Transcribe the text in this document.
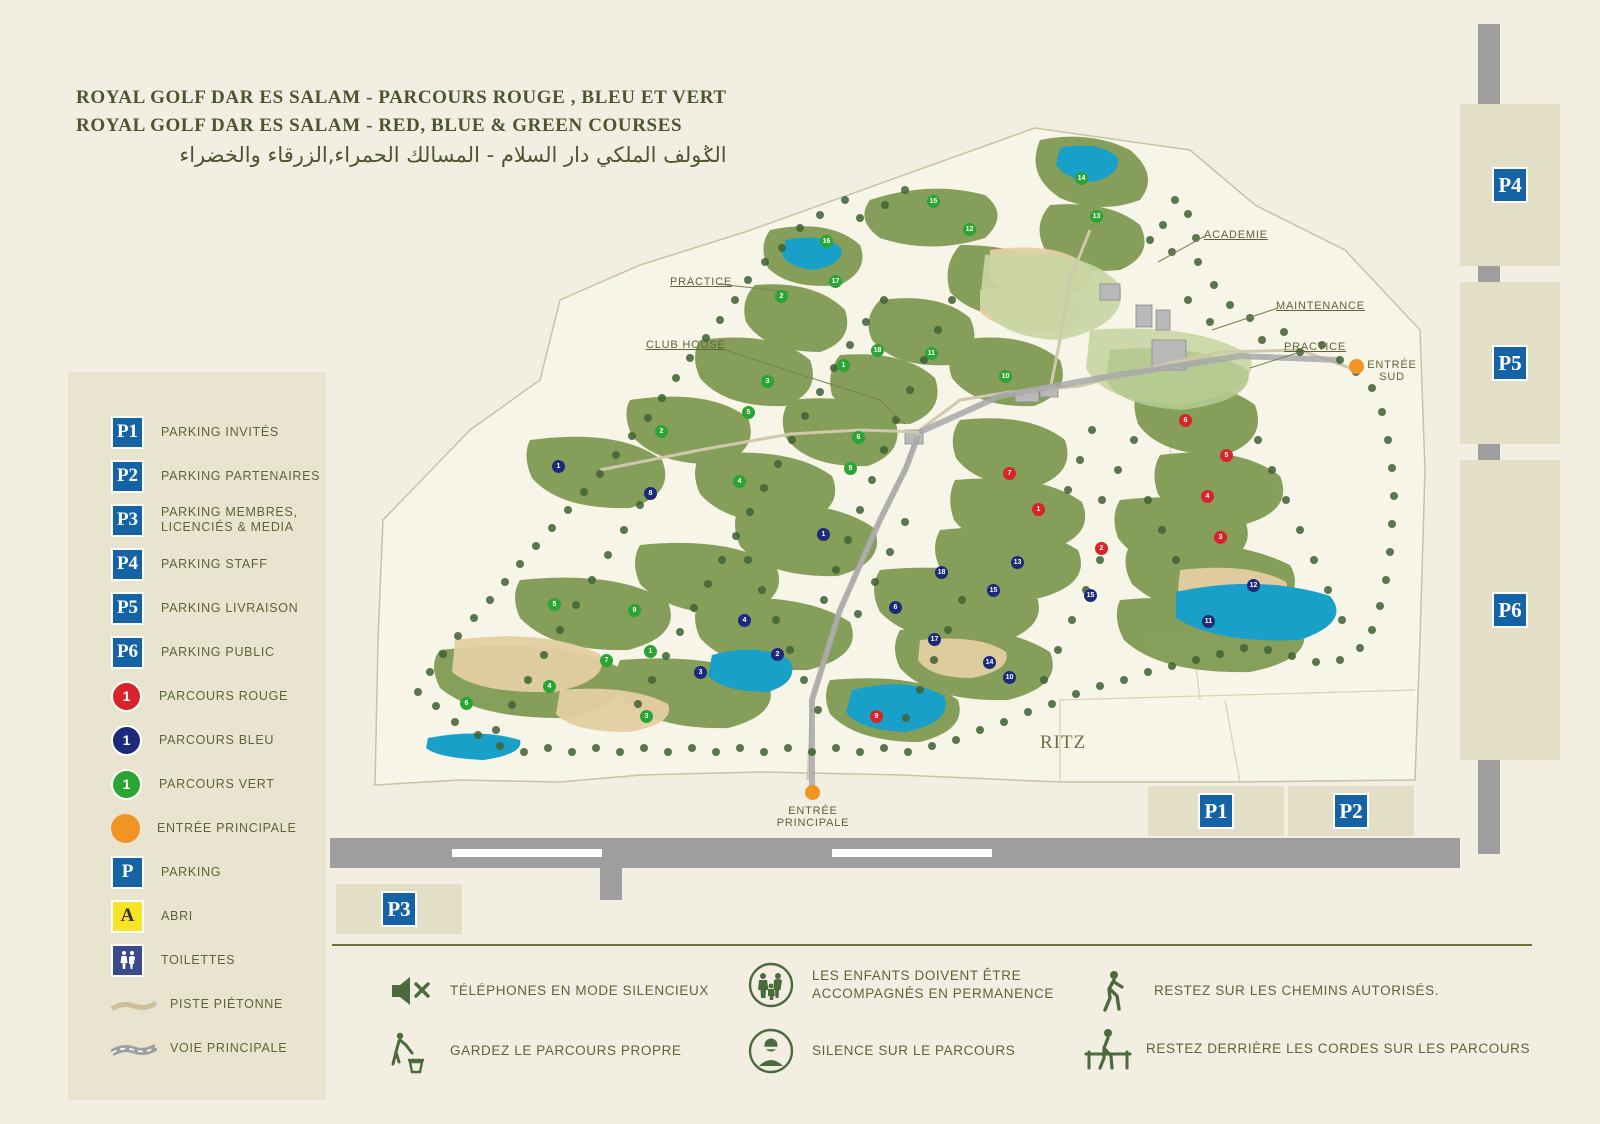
ROYAL GOLF DAR ES SALAM - PARCOURS ROUGE , BLEU ET VERT
ROYAL GOLF DAR ES SALAM - RED, BLUE & GREEN COURSES
الݣولف الملكي دار السلام - المسالك الحمراء,الزرقاء والخضراء
P4
P5
P6
P1	P2
P3
16
15
14
13
12
17
2
18	11
1
3
10
5
2
6
6
5
7
1	9
4
4
8
1
3
1
2
13
18
12
15
15
9
5	6
11
4
17
10
14
1	2
7
3
9
4
6
3
PRACTICE
CLUB HOUSE
ACADEMIE
MAINTENANCE
PRACTICE
ENTRÉE
SUD
ENTRÉE
PRINCIPALE
RITZ
P1	PARKING INVITÉS
P2	PARKING PARTENAIRES
P3	PARKING MEMBRES, LICENCIÉS & MEDIA
P4	PARKING STAFF
P5	PARKING LIVRAISON
P6	PARKING PUBLIC
1	PARCOURS ROUGE
1	PARCOURS BLEU
1	PARCOURS VERT
ENTRÉE PRINCIPALE
P	PARKING
A	ABRI
TOILETTES
PISTE PIÉTONNE
VOIE PRINCIPALE
TÉLÉPHONES EN MODE SILENCIEUX
GARDEZ LE PARCOURS PROPRE
LES ENFANTS DOIVENT ÊTRE ACCOMPAGNÉS EN PERMANENCE
SILENCE SUR LE PARCOURS
RESTEZ SUR LES CHEMINS AUTORISÉS.
RESTEZ DERRIÈRE LES CORDES SUR LES PARCOURS
